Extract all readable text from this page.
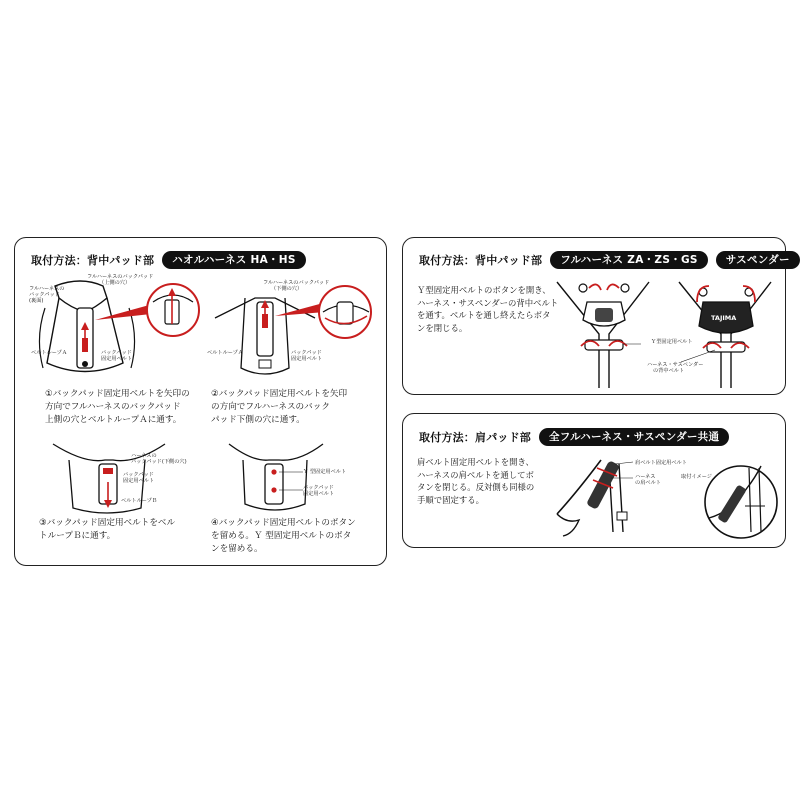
取付方法：背中パッド部	ハオルハーネス HA・HS
フルハーネスの
バックパッド
(裏面)
フルハーネスのバックパッド
（上側の穴）
ベルトループＡ	バックパッド
固定用ベルト
フルハーネスのバックパッド
（下側の穴）
ベルトループＡ	バックパッド
固定用ベルト
①バックパッド固定用ベルトを矢印の
方向でフルハーネスのバックパッド
上側の穴とベルトループＡに通す。
②バックパッド固定用ベルトを矢印
の方向でフルハーネスのバック
パッド下側の穴に通す。
ハーネスの
バックパッド(下側の穴)
バックパッド
固定用ベルト
ベルトループＢ
Ｙ 型固定用ベルト
バックパッド
固定用ベルト
③バックパッド固定用ベルトをベル
トループＢに通す。
④バックパッド固定用ベルトのボタン
を留める。Ｙ 型固定用ベルトのボタ
ンを留める。
取付方法：背中パッド部	フルハーネス ZA・ZS・GS	サスペンダー
Ｙ型固定用ベルトのボタンを開き、
ハーネス・サスペンダーの背中ベルト
を通す。ベルトを通し終えたらボタ
ンを閉じる。
TAJIMA
Ｙ型固定用ベルト
ハーネス・サスペンダー
の背中ベルト
取付方法：肩パッド部	全フルハーネス・サスペンダー共通
肩ベルト固定用ベルトを開き、
ハーネスの肩ベルトを通してボ
タンを閉じる。反対側も同様の
手順で固定する。
肩ベルト固定用ベルト
ハーネス
の肩ベルト
取付イメージ
